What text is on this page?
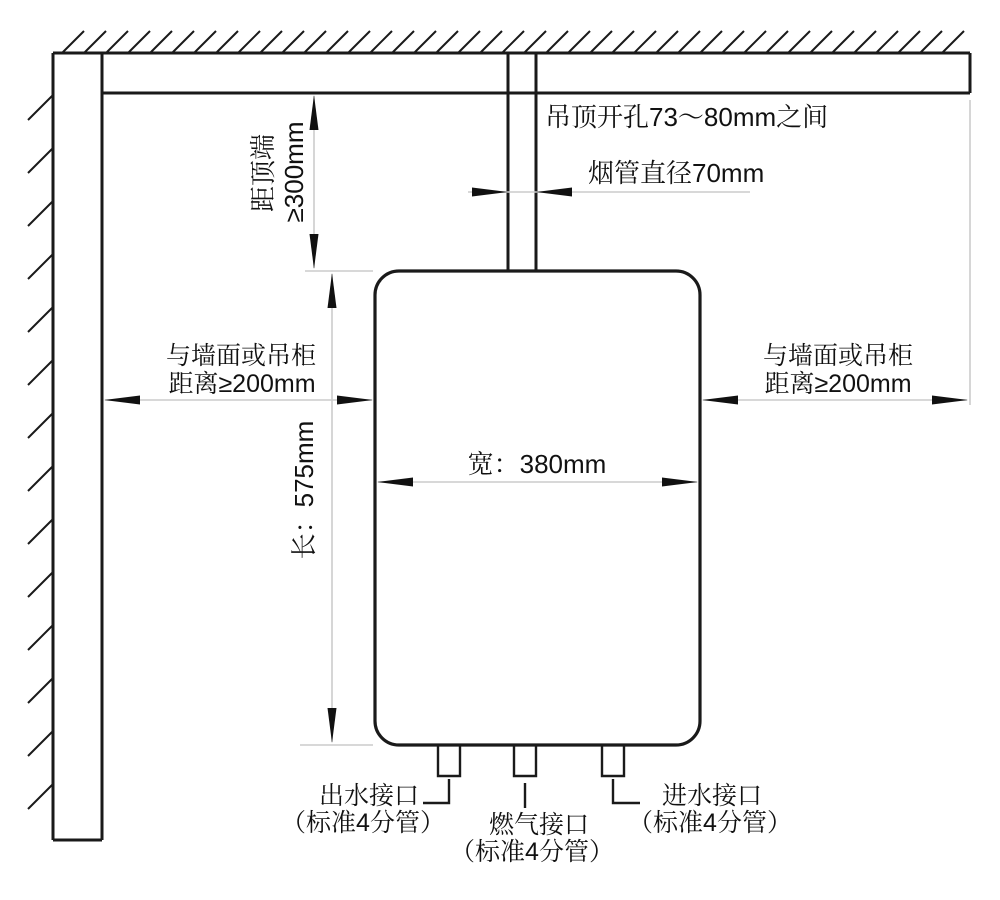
吊顶开孔73～80mm之间
烟管直径70mm
距顶端 ≥300mm
与墙面或吊柜
距离≥200mm
与墙面或吊柜
距离≥200mm
长：575mm	宽：380mm
出水接口
（标准4分管） 燃气接口
（标准4分管）
进水接口
（标准4分管）
